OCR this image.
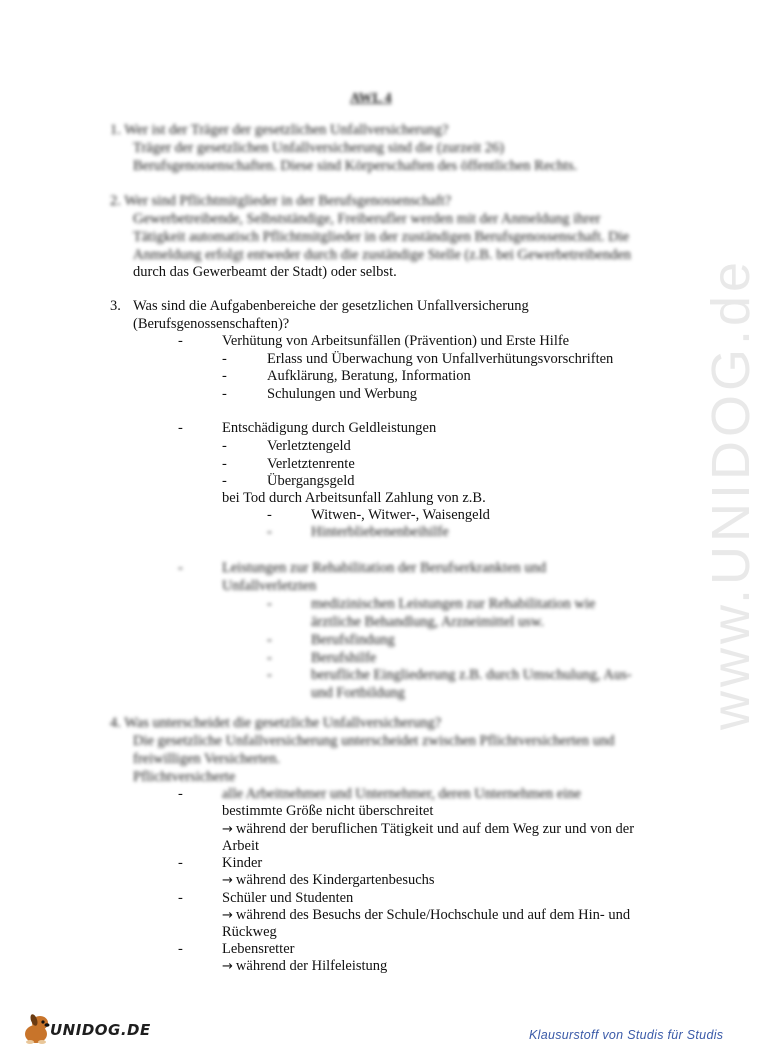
www.UNIDOG.de
AWL 4
1. Wer ist der Träger der gesetzlichen Unfallversicherung?
Träger der gesetzlichen Unfallversicherung sind die (zurzeit 26)
Berufsgenossenschaften. Diese sind Körperschaften des öffentlichen Rechts.
2. Wer sind Pflichtmitglieder in der Berufsgenossenschaft?
Gewerbetreibende, Selbstständige, Freiberufler werden mit der Anmeldung ihrer
Tätigkeit automatisch Pflichtmitglieder in der zuständigen Berufsgenossenschaft. Die
Anmeldung erfolgt entweder durch die zuständige Stelle (z.B. bei Gewerbetreibenden
durch das Gewerbeamt der Stadt) oder selbst.
3. Was sind die Aufgabenbereiche der gesetzlichen Unfallversicherung
(Berufsgenossenschaften)?
-	Verhütung von Arbeitsunfällen (Prävention) und Erste Hilfe
-	Erlass und Überwachung von Unfallverhütungsvorschriften
-	Aufklärung, Beratung, Information
-	Schulungen und Werbung
-	Entschädigung durch Geldleistungen
-	Verletztengeld
-	Verletztenrente
-	Übergangsgeld
bei Tod durch Arbeitsunfall Zahlung von z.B.
-	Witwen-, Witwer-, Waisengeld
-	Hinterbliebenenbeihilfe
-	Leistungen zur Rehabilitation der Berufserkrankten und
Unfallverletzten
-	medizinischen Leistungen zur Rehabilitation wie
ärztliche Behandlung, Arzneimittel usw.
-	Berufsfindung
-	Berufshilfe
-	berufliche Eingliederung z.B. durch Umschulung, Aus-
und Fortbildung
4. Was unterscheidet die gesetzliche Unfallversicherung?
Die gesetzliche Unfallversicherung unterscheidet zwischen Pflichtversicherten und
freiwilligen Versicherten.
Pflichtversicherte
-	alle Arbeitnehmer und Unternehmer, deren Unternehmen eine
bestimmte Größe nicht überschreitet
→ während der beruflichen Tätigkeit und auf dem Weg zur und von der
Arbeit
-	Kinder
→ während des Kindergartenbesuchs
-	Schüler und Studenten
→ während des Besuchs der Schule/Hochschule und auf dem Hin- und
Rückweg
-	Lebensretter
→ während der Hilfeleistung
UNIDOG.DE	Klausurstoff von Studis für Studis
